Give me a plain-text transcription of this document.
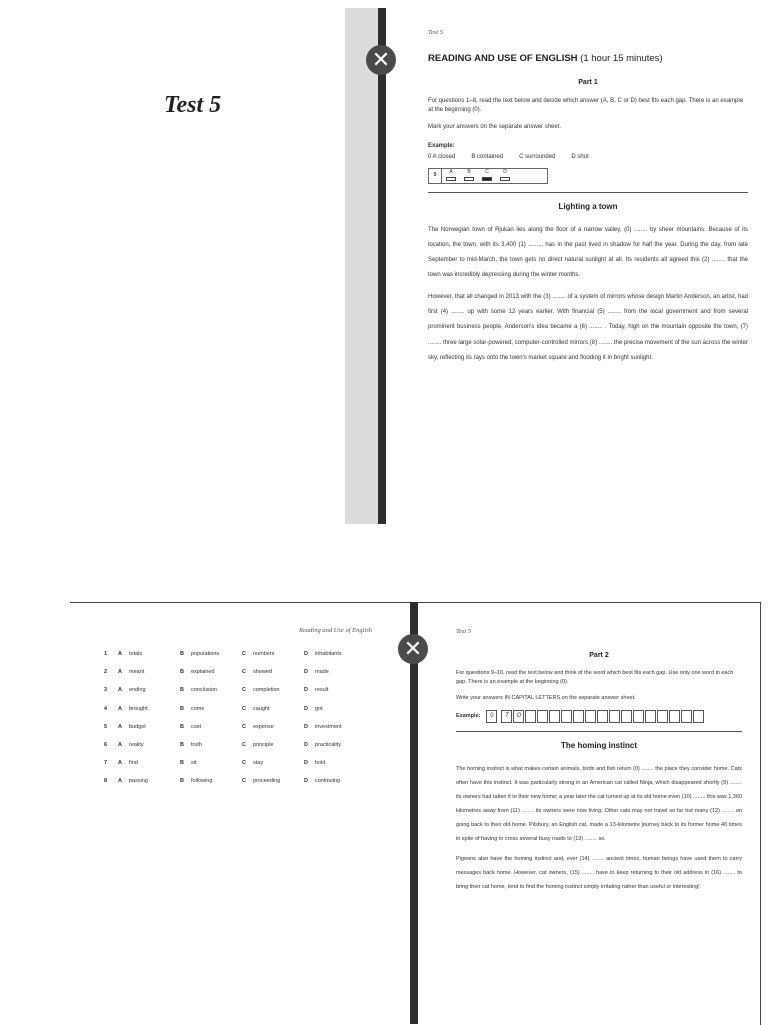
✕
Test 5
Test 5
READING AND USE OF ENGLISH (1 hour 15 minutes)
Part 1

For questions 1–8, read the text below and decide which answer (A, B, C or D) best fits each gap. There is an example at the beginning (0).

Mark your answers on the separate answer sheet.

Example:
0 A closed	B contained	C surrounded	D shut
0	A	B	C	D
Lighting a town

The Norwegian town of Rjukan lies along the floor of a narrow valley, (0) ........ by sheer mountains. Because of its location, the town, with its 3,400 (1) ........, has in the past lived in shadow for half the year. During the day, from late September to mid-March, the town gets no direct natural sunlight at all. Its residents all agreed this (2) ........ that the town was incredibly depressing during the winter months.

However, that all changed in 2013 with the (3) ........ of a system of mirrors whose design Martin Anderson, an artist, had first (4) ........ up with some 12 years earlier. With financial (5) ........ from the local government and from several prominent business people, Anderson's idea became a (6) ........ . Today, high on the mountain opposite the town, (7) ........ three large solar-powered, computer-controlled mirrors (8) ........ the precise movement of the sun across the winter sky, reflecting its rays onto the town's market square and flooding it in bright sunlight.

Reading and Use of English
1	A	totals	B	populations	C	numbers	D	inhabitants
2	A	meant	B	explained	C	showed	D	made
3	A	ending	B	conclusion	C	completion	D	result
4	A	brought	B	come	C	caught	D	got
5	A	budget	B	cost	C	expense	D	investment
6	A	reality	B	truth	C	principle	D	practicality
7	A	find	B	sit	C	stay	D	hold
8	A	passing	B	following	C	proceeding	D	continuing
✕
Test 5
Part 2

For questions 9–16, read the text below and think of the word which best fits each gap. Use only one word in each gap. There is an example at the beginning (0).

Write your answers IN CAPITAL LETTERS on the separate answer sheet.

Example:	0	T	O
The homing instinct

The homing instinct is what makes certain animals, birds and fish return (0) ........ the place they consider home. Cats often have this instinct. It was particularly strong in an American cat called Ninja, which disappeared shortly (9) ........ its owners had taken it to their new home; a year later the cat turned up at its old home even (10) ........ this was 1,360 kilometres away from (11) ........ its owners were now living. Other cats may not travel so far but many (12) ........ on going back to their old home. Pilsbury, an English cat, made a 13-kilometre journey back to its former home 40 times in spite of having to cross several busy roads to (13) ........ so.

Pigeons also have the homing instinct and, ever (14) ........ ancient times, human beings have used them to carry messages back home. However, cat owners, (15) ........ have to keep returning to their old address in (16) ........ to bring their cat home, tend to find the homing instinct simply irritating rather than useful or interesting!
